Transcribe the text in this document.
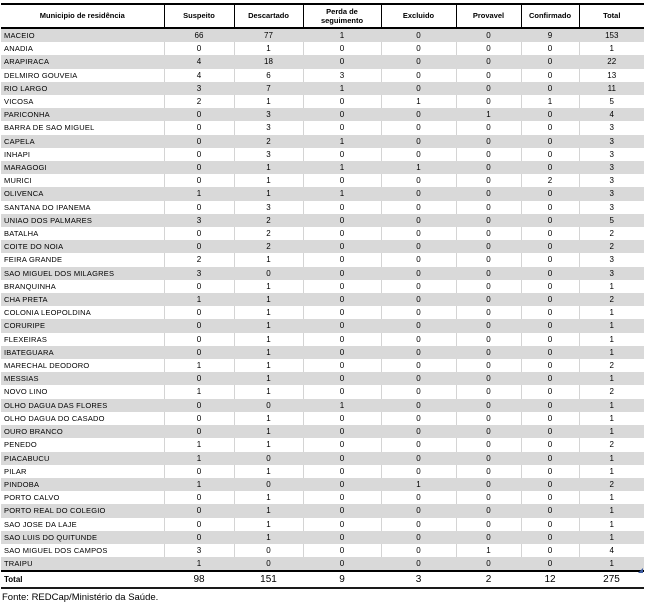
Municipio de residência	Suspeito	Descartado	Perda de seguimento	Excluido	Provavel	Confirmado	Total
MACEIO	66	77	1	0	0	9	153
ANADIA	0	1	0	0	0	0	1
ARAPIRACA	4	18	0	0	0	0	22
DELMIRO GOUVEIA	4	6	3	0	0	0	13
RIO LARGO	3	7	1	0	0	0	11
VICOSA	2	1	0	1	0	1	5
PARICONHA	0	3	0	0	1	0	4
BARRA DE SAO MIGUEL	0	3	0	0	0	0	3
CAPELA	0	2	1	0	0	0	3
INHAPI	0	3	0	0	0	0	3
MARAGOGI	0	1	1	1	0	0	3
MURICI	0	1	0	0	0	2	3
OLIVENCA	1	1	1	0	0	0	3
SANTANA DO IPANEMA	0	3	0	0	0	0	3
UNIAO DOS PALMARES	3	2	0	0	0	0	5
BATALHA	0	2	0	0	0	0	2
COITE DO NOIA	0	2	0	0	0	0	2
FEIRA GRANDE	2	1	0	0	0	0	3
SAO MIGUEL DOS MILAGRES	3	0	0	0	0	0	3
BRANQUINHA	0	1	0	0	0	0	1
CHA PRETA	1	1	0	0	0	0	2
COLONIA LEOPOLDINA	0	1	0	0	0	0	1
CORURIPE	0	1	0	0	0	0	1
FLEXEIRAS	0	1	0	0	0	0	1
IBATEGUARA	0	1	0	0	0	0	1
MARECHAL DEODORO	1	1	0	0	0	0	2
MESSIAS	0	1	0	0	0	0	1
NOVO LINO	1	1	0	0	0	0	2
OLHO DAGUA DAS FLORES	0	0	1	0	0	0	1
OLHO DAGUA DO CASADO	0	1	0	0	0	0	1
OURO BRANCO	0	1	0	0	0	0	1
PENEDO	1	1	0	0	0	0	2
PIACABUCU	1	0	0	0	0	0	1
PILAR	0	1	0	0	0	0	1
PINDOBA	1	0	0	1	0	0	2
PORTO CALVO	0	1	0	0	0	0	1
PORTO REAL DO COLEGIO	0	1	0	0	0	0	1
SAO JOSE DA LAJE	0	1	0	0	0	0	1
SAO LUIS DO QUITUNDE	0	1	0	0	0	0	1
SAO MIGUEL DOS CAMPOS	3	0	0	0	1	0	4
TRAIPU	1	0	0	0	0	0	1
Total	98	151	9	3	2	12	275
Fonte: REDCap/Ministério da Saúde.
